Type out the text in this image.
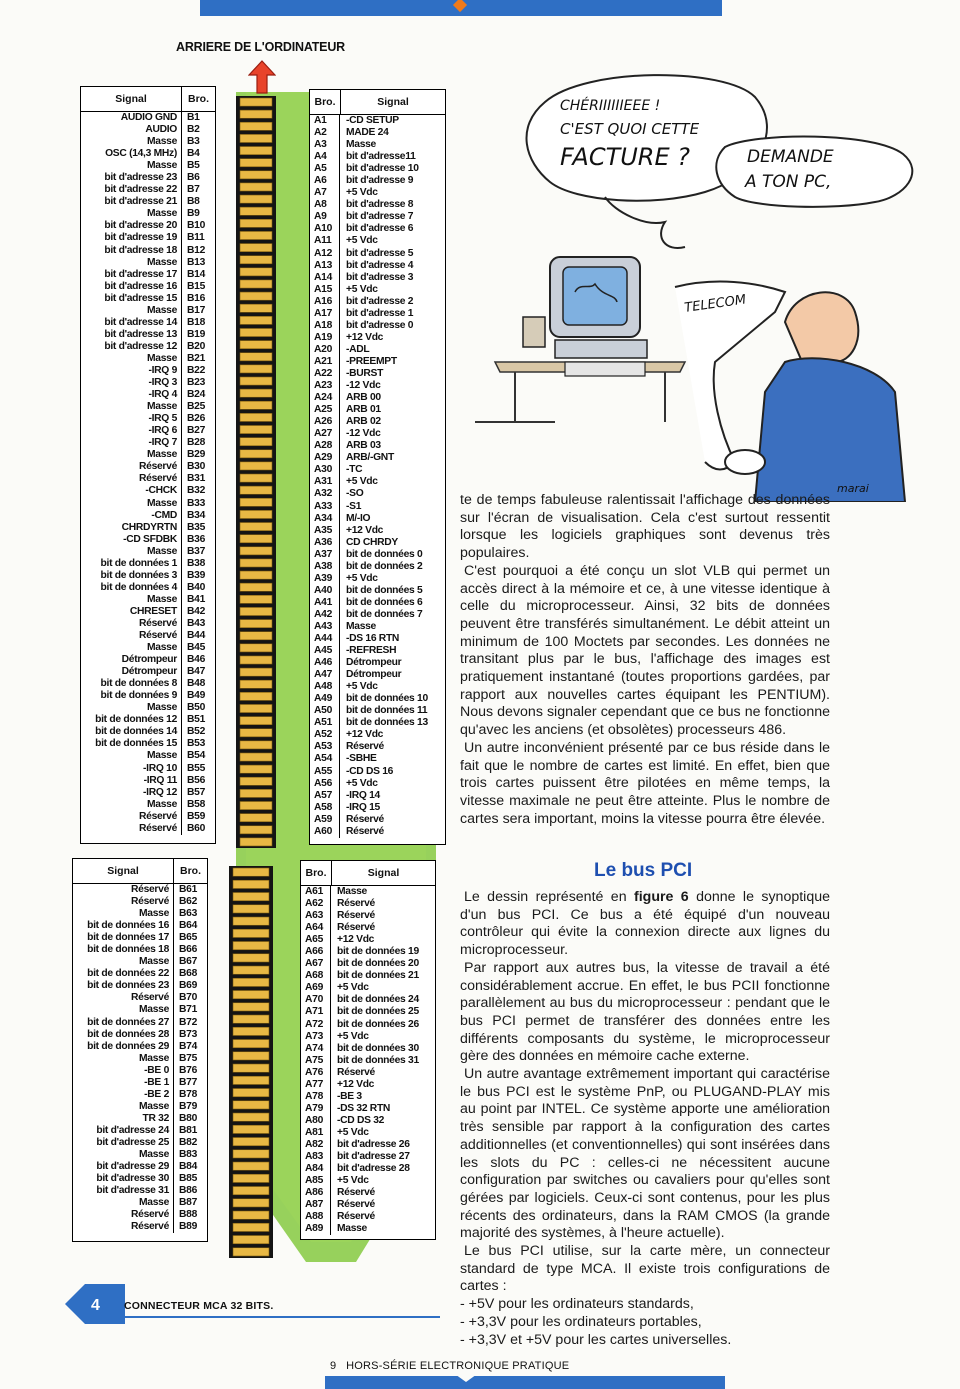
ARRIERE DE L'ORDINATEUR
Signal	Bro.
AUDIO GND B1
AUDIO B2
Masse B3
OSC (14,3 MHz) B4
Masse B5
bit d'adresse 23 B6
bit d'adresse 22 B7
bit d'adresse 21 B8
Masse B9
bit d'adresse 20 B10
bit d'adresse 19 B11
bit d'adresse 18 B12
Masse B13
bit d'adresse 17 B14
bit d'adresse 16 B15
bit d'adresse 15 B16
Masse B17
bit d'adresse 14 B18
bit d'adresse 13 B19
bit d'adresse 12 B20
Masse B21
-IRQ 9 B22
-IRQ 3 B23
-IRQ 4 B24
Masse B25
-IRQ 5 B26
-IRQ 6 B27
-IRQ 7 B28
Masse B29
Réservé B30
Réservé B31
-CHCK B32
Masse B33
-CMD B34
CHRDYRTN B35
-CD SFDBK B36
Masse B37
bit de données 1 B38
bit de données 3 B39
bit de données 4 B40
Masse B41
CHRESET B42
Réservé B43
Réservé B44
Masse B45
Détrompeur B46
Détrompeur B47
bit de données 8 B48
bit de données 9 B49
Masse B50
bit de données 12 B51
bit de données 14 B52
bit de données 15 B53
Masse B54
-IRQ 10 B55
-IRQ 11 B56
-IRQ 12 B57
Masse B58
Réservé B59
Réservé B60
Bro.	Signal
A1	-CD SETUP
A2	MADE 24
A3	Masse
A4	bit d'adresse11
A5	bit d'adresse 10
A6	bit d'adresse 9
A7	+5 Vdc
A8	bit d'adresse 8
A9	bit d'adresse 7
A10	bit d'adresse 6
A11	+5 Vdc
A12	bit d'adresse 5
A13	bit d'adresse 4
A14	bit d'adresse 3
A15	+5 Vdc
A16	bit d'adresse 2
A17	bit d'adresse 1
A18	bit d'adresse 0
A19	+12 Vdc
A20	-ADL
A21	-PREEMPT
A22	-BURST
A23	-12 Vdc
A24	ARB 00
A25	ARB 01
A26	ARB 02
A27	-12 Vdc
A28	ARB 03
A29	ARB/-GNT
A30	-TC
A31	+5 Vdc
A32	-SO
A33	-S1
A34	M/-IO
A35	+12 Vdc
A36	CD CHRDY
A37	bit de données 0
A38	bit de données 2
A39	+5 Vdc
A40	bit de données 5
A41	bit de données 6
A42	bit de données 7
A43	Masse
A44	-DS 16 RTN
A45	-REFRESH
A46	Détrompeur
A47	Détrompeur
A48	+5 Vdc
A49	bit de données 10
A50	bit de données 11
A51	bit de données 13
A52	+12 Vdc
A53	Réservé
A54	-SBHE
A55	-CD DS 16
A56	+5 Vdc
A57	-IRQ 14
A58	-IRQ 15
A59	Réservé
A60	Réservé
Signal	Bro.
Réservé B61
Réservé B62
Masse B63
bit de données 16 B64
bit de données 17 B65
bit de données 18 B66
Masse B67
bit de données 22 B68
bit de données 23 B69
Réservé B70
Masse B71
bit de données 27 B72
bit de données 28 B73
bit de données 29 B74
Masse B75
-BE 0 B76
-BE 1 B77
-BE 2 B78
Masse B79
TR 32 B80
bit d'adresse 24 B81
bit d'adresse 25 B82
Masse B83
bit d'adresse 29 B84
bit d'adresse 30 B85
bit d'adresse 31 B86
Masse B87
Réservé B88
Réservé B89
Bro.	Signal
A61	Masse
A62	Réservé
A63	Réservé
A64	Réservé
A65	+12 Vdc
A66	bit de données 19
A67	bit de données 20
A68	bit de données 21
A69	+5 Vdc
A70	bit de données 24
A71	bit de données 25
A72	bit de données 26
A73	+5 Vdc
A74	bit de données 30
A75	bit de données 31
A76	Réservé
A77	+12 Vdc
A78	-BE 3
A79	-DS 32 RTN
A80	-CD DS 32
A81	+5 Vdc
A82	bit d'adresse 26
A83	bit d'adresse 27
A84	bit d'adresse 28
A85	+5 Vdc
A86	Réservé
A87	Réservé
A88	Réservé
A89	Masse
CHÉRIIIIIIEEE !
C'EST QUOI CETTE
FACTURE ?	DEMANDE
A TON PC,
TELECOM
marai

te de temps fabuleuse ralentissait l'affichage des données sur l'écran de visualisation. Cela c'est surtout ressentit lorsque les logiciels graphiques sont devenus très populaires.

C'est pourquoi a été conçu un slot VLB qui permet un accès direct à la mémoire et ce, à une vitesse identique à celle du microprocesseur. Ainsi, 32 bits de données peuvent être transférés simultanément. Le débit atteint un minimum de 100 Moctets par secondes. Les données ne transitant plus par le bus, l'affichage des images est pratiquement instantané (toutes proportions gardées, par rapport aux nouvelles cartes équipant les PENTIUM). Nous devons signaler cependant que ce bus ne fonctionne qu'avec les anciens (et obsolètes) processeurs 486.

Un autre inconvénient présenté par ce bus réside dans le fait que le nombre de cartes est limité. En effet, bien que trois cartes puissent être pilotées en même temps, la vitesse maximale ne peut être atteinte. Plus le nombre de cartes sera important, moins la vitesse pourra être élevée.

Le bus PCI

Le dessin représenté en figure 6 donne le synoptique d'un bus PCI. Ce bus a été équipé d'un nouveau contrôleur qui évite la connexion directe aux lignes du microprocesseur.

Par rapport aux autres bus, la vitesse de travail a été considérablement accrue. En effet, le bus PCII fonctionne parallèlement au bus du microprocesseur : pendant que le bus PCI permet de transférer des données entre les différents composants du système, le microprocesseur gère des données en mémoire cache externe.

Un autre avantage extrêmement important qui caractérise le bus PCI est le système PnP, ou PLUGAND-PLAY mis au point par INTEL. Ce système apporte une amélioration très sensible par rapport à la configuration des cartes additionnelles (et conventionnelles) qui sont insérées dans les slots du PC : celles-ci ne nécessitent aucune configuration par switches ou cavaliers pour qu'elles sont gérées par logiciels. Ceux-ci sont contenus, pour les plus récents des ordinateurs, dans la RAM CMOS (la grande majorité des systèmes, à l'heure actuelle).

Le bus PCI utilise, sur la carte mère, un connecteur standard de type MCA. Il existe trois configurations de cartes :

- +5V pour les ordinateurs standards,

- +3,3V pour les ordinateurs portables,

- +3,3V et +5V pour les cartes universelles.

4 CONNECTEUR MCA 32 BITS.
9 HORS-SÉRIE ELECTRONIQUE PRATIQUE
